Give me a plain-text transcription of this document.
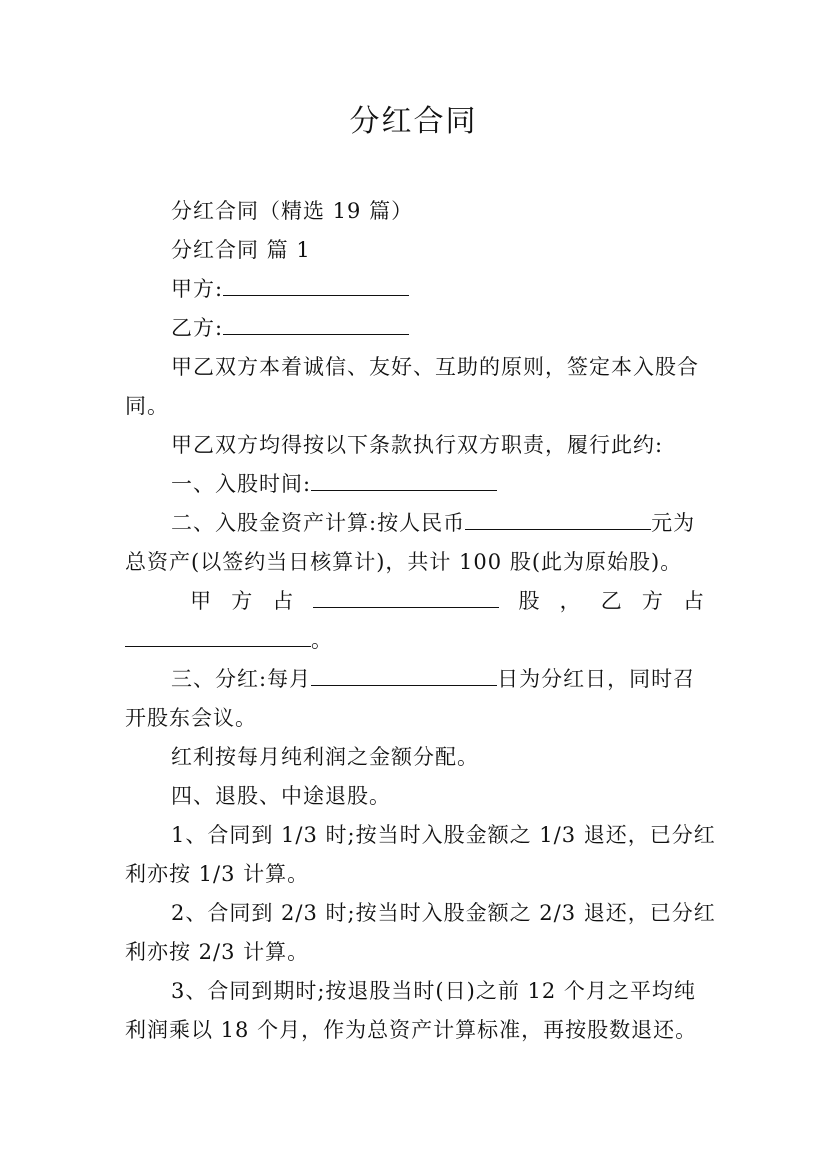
分红合同
分红合同（精选 19 篇）
分红合同 篇 1
甲方:
乙方:
甲乙双方本着诚信、友好、互助的原则，签定本入股合
同。
甲乙双方均得按以下条款执行双方职责，履行此约:
一、入股时间:
二、入股金资产计算:按人民币	元为
总资产(以签约当日核算计)，共计 100 股(此为原始股)。
甲 方 占	股 ， 乙 方 占
。
三、分红:每月	日为分红日，同时召
开股东会议。
红利按每月纯利润之金额分配。
四、退股、中途退股。
1、合同到 1/3 时;按当时入股金额之 1/3 退还，已分红
利亦按 1/3 计算。
2、合同到 2/3 时;按当时入股金额之 2/3 退还，已分红
利亦按 2/3 计算。
3、合同到期时;按退股当时(日)之前 12 个月之平均纯
利润乘以 18 个月，作为总资产计算标准，再按股数退还。
